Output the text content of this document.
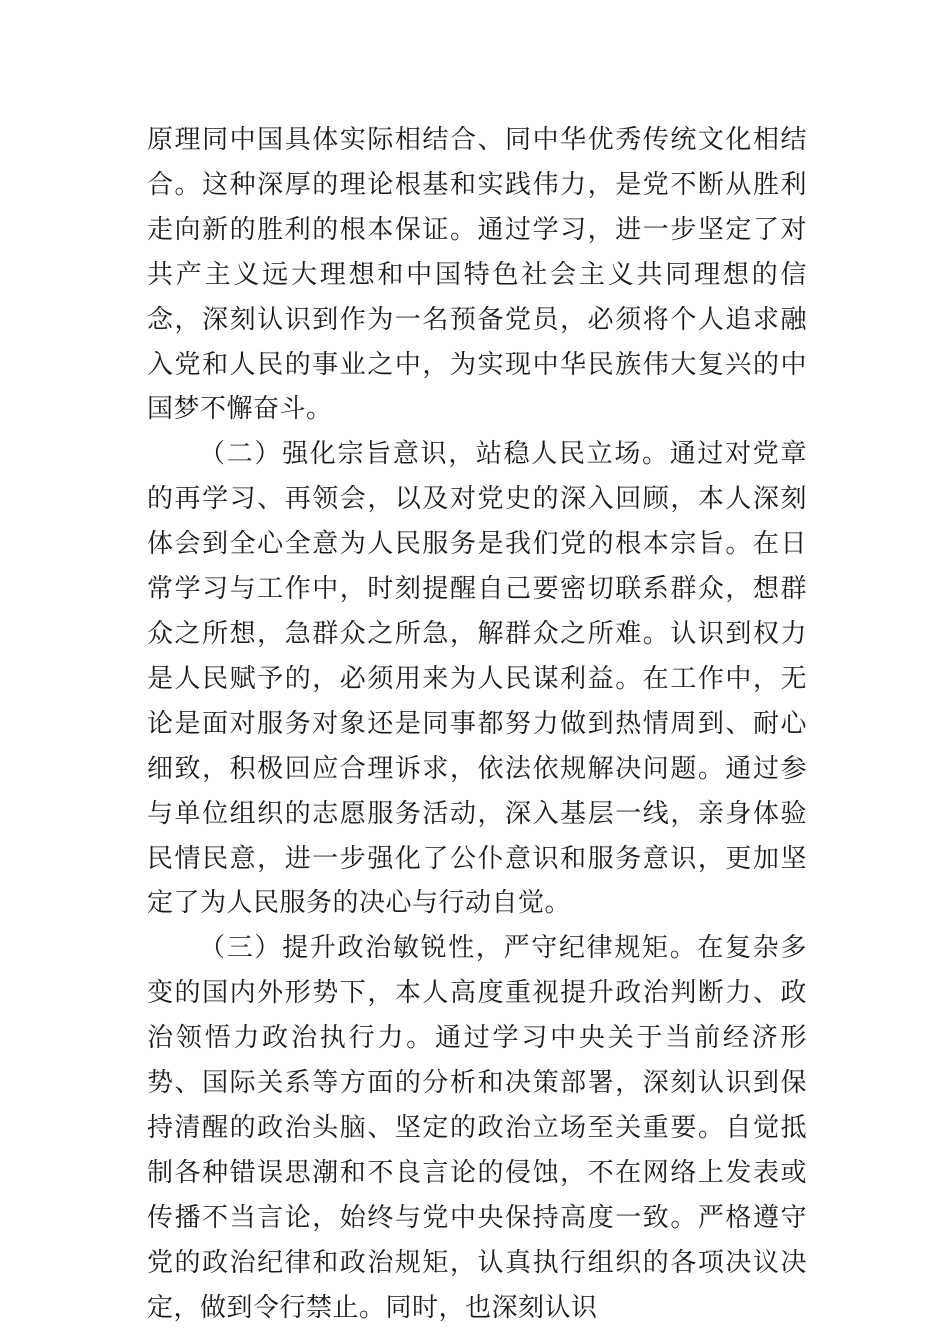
原理同中国具体实际相结合、同中华优秀传统文化相结合。这种深厚的理论根基和实践伟力，是党不断从胜利走向新的胜利的根本保证。通过学习，进一步坚定了对共产主义远大理想和中国特色社会主义共同理想的信念，深刻认识到作为一名预备党员，必须将个人追求融入党和人民的事业之中，为实现中华民族伟大复兴的中国梦不懈奋斗。

（二）强化宗旨意识，站稳人民立场。通过对党章的再学习、再领会，以及对党史的深入回顾，本人深刻体会到全心全意为人民服务是我们党的根本宗旨。在日常学习与工作中，时刻提醒自己要密切联系群众，想群众之所想，急群众之所急，解群众之所难。认识到权力是人民赋予的，必须用来为人民谋利益。在工作中，无论是面对服务对象还是同事都努力做到热情周到、耐心细致，积极回应合理诉求，依法依规解决问题。通过参与单位组织的志愿服务活动，深入基层一线，亲身体验民情民意，进一步强化了公仆意识和服务意识，更加坚定了为人民服务的决心与行动自觉。

（三）提升政治敏锐性，严守纪律规矩。在复杂多变的国内外形势下，本人高度重视提升政治判断力、政治领悟力政治执行力。通过学习中央关于当前经济形势、国际关系等方面的分析和决策部署，深刻认识到保持清醒的政治头脑、坚定的政治立场至关重要。自觉抵制各种错误思潮和不良言论的侵蚀，不在网络上发表或传播不当言论，始终与党中央保持高度一致。严格遵守党的政治纪律和政治规矩，认真执行组织的各项决议决定，做到令行禁止。同时，也深刻认识
